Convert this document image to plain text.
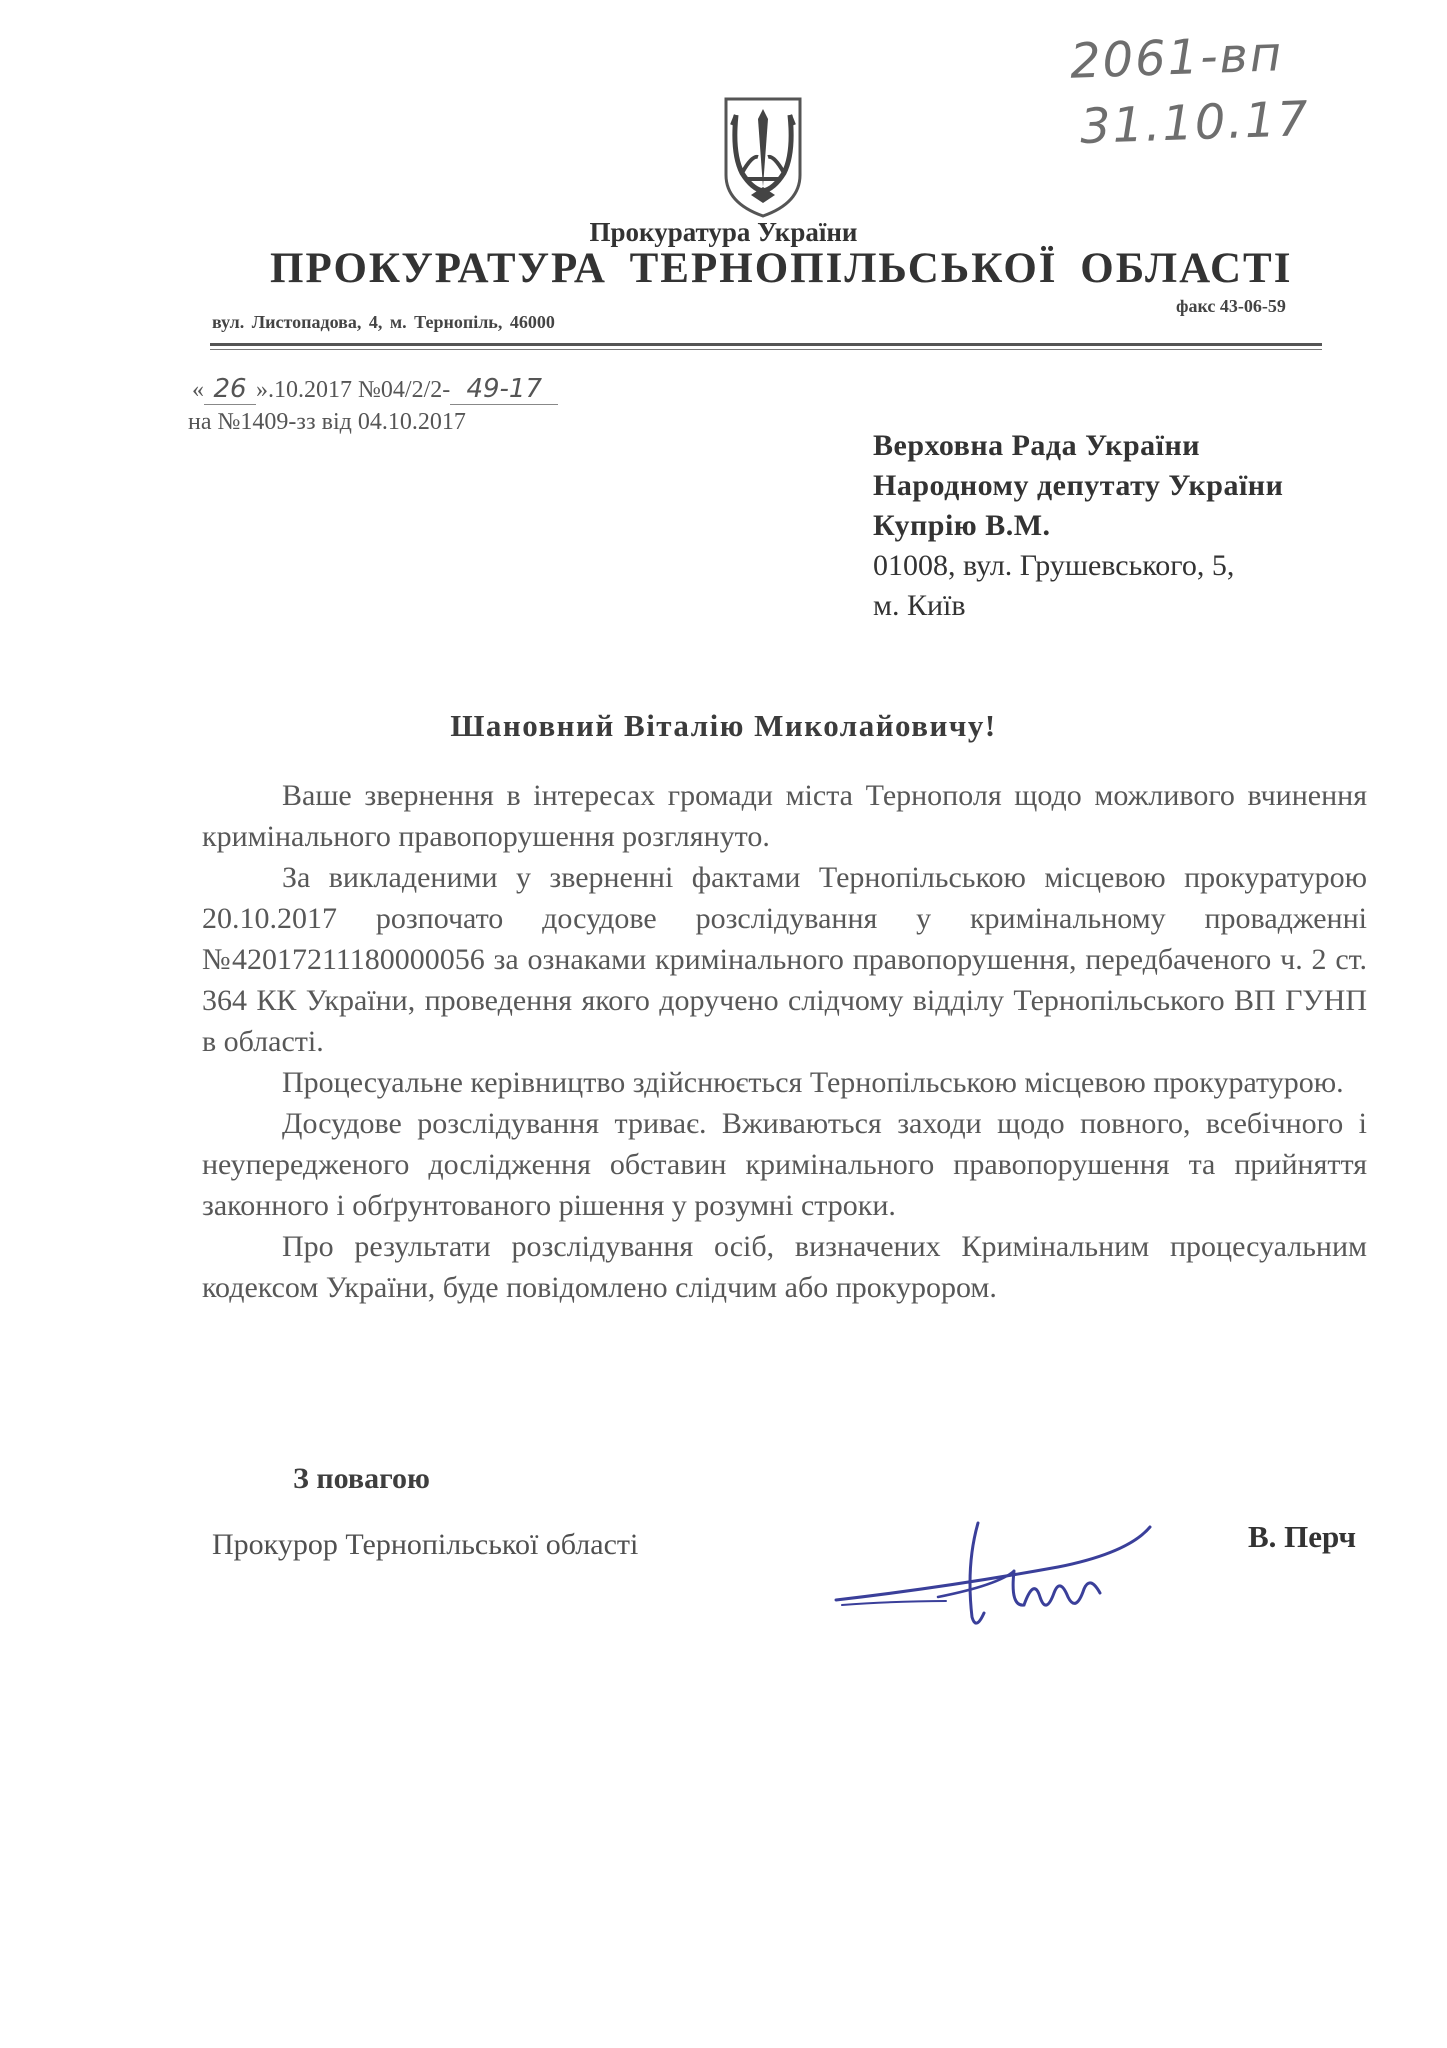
2061-вп
31.10.17
Прокуратура України
ПРОКУРАТУРА ТЕРНОПІЛЬСЬКОЇ ОБЛАСТІ
вул. Листопадова, 4, м. Тернопіль, 46000
факс 43-06-59
« 26 ».10.2017 №04/2/2- 49-17
на №1409-зз від 04.10.2017
Верховна Рада України
Народному депутату України
Купрію В.М.
01008, вул. Грушевського, 5,
м. Київ
Шановний Віталію Миколайовичу!

Ваше звернення в інтересах громади міста Тернополя щодо можливого вчинення кримінального правопорушення розглянуто.

За викладеними у зверненні фактами Тернопільською місцевою прокуратурою 20.10.2017 розпочато досудове розслідування у кримінальному провадженні №42017211180000056 за ознаками кримінального правопорушення, передбаченого ч. 2 ст. 364 КК України, проведення якого доручено слідчому відділу Тернопільського ВП ГУНП в області.

Процесуальне керівництво здійснюється Тернопільською місцевою прокуратурою.

Досудове розслідування триває. Вживаються заходи щодо повного, всебічного і неупередженого дослідження обставин кримінального правопорушення та прийняття законного і обґрунтованого рішення у розумні строки.

Про результати розслідування осіб, визначених Кримінальним процесуальним кодексом України, буде повідомлено слідчим або прокурором.

З повагою
Прокурор Тернопільської області	В. Перч
